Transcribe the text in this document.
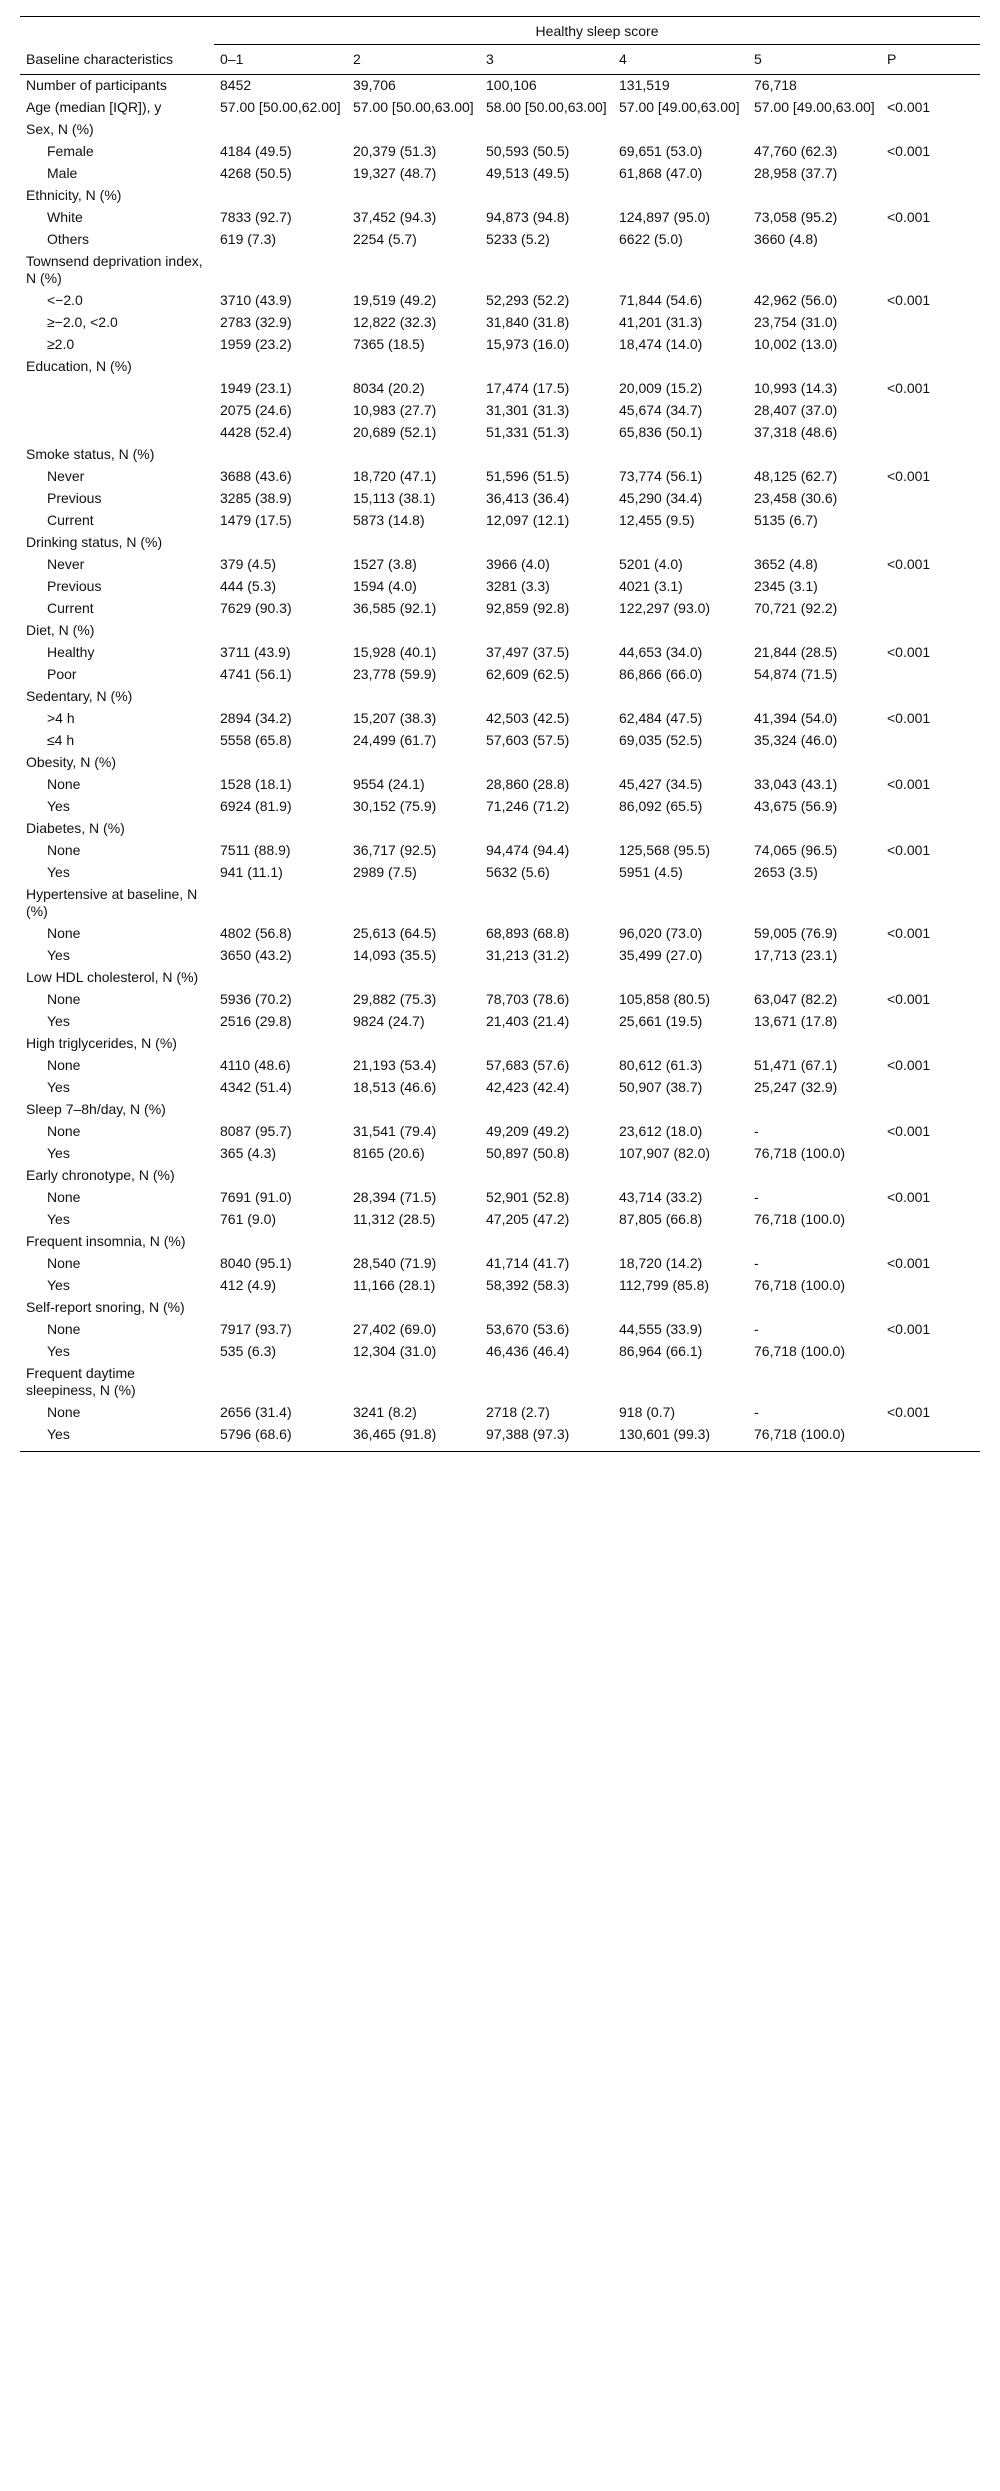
	Healthy sleep score					
Baseline characteristics	0–1	2	3	4	5	P
Number of participants	8452	39,706	100,106	131,519	76,718	
Age (median [IQR]), y	57.00 [50.00,62.00]	57.00 [50.00,63.00]	58.00 [50.00,63.00]	57.00 [49.00,63.00]	57.00 [49.00,63.00]	<0.001
Sex, N (%)						
Female	4184 (49.5)	20,379 (51.3)	50,593 (50.5)	69,651 (53.0)	47,760 (62.3)	<0.001
Male	4268 (50.5)	19,327 (48.7)	49,513 (49.5)	61,868 (47.0)	28,958 (37.7)	
Ethnicity, N (%)						
White	7833 (92.7)	37,452 (94.3)	94,873 (94.8)	124,897 (95.0)	73,058 (95.2)	<0.001
Others	619 (7.3)	2254 (5.7)	5233 (5.2)	6622 (5.0)	3660 (4.8)	
Townsend deprivation index, N (%)						
<−2.0	3710 (43.9)	19,519 (49.2)	52,293 (52.2)	71,844 (54.6)	42,962 (56.0)	<0.001
≥−2.0, <2.0	2783 (32.9)	12,822 (32.3)	31,840 (31.8)	41,201 (31.3)	23,754 (31.0)	
≥2.0	1959 (23.2)	7365 (18.5)	15,973 (16.0)	18,474 (14.0)	10,002 (13.0)	
Education, N (%)						
	1949 (23.1)	8034 (20.2)	17,474 (17.5)	20,009 (15.2)	10,993 (14.3)	<0.001
	2075 (24.6)	10,983 (27.7)	31,301 (31.3)	45,674 (34.7)	28,407 (37.0)	
	4428 (52.4)	20,689 (52.1)	51,331 (51.3)	65,836 (50.1)	37,318 (48.6)	
Smoke status, N (%)						
Never	3688 (43.6)	18,720 (47.1)	51,596 (51.5)	73,774 (56.1)	48,125 (62.7)	<0.001
Previous	3285 (38.9)	15,113 (38.1)	36,413 (36.4)	45,290 (34.4)	23,458 (30.6)	
Current	1479 (17.5)	5873 (14.8)	12,097 (12.1)	12,455 (9.5)	5135 (6.7)	
Drinking status, N (%)						
Never	379 (4.5)	1527 (3.8)	3966 (4.0)	5201 (4.0)	3652 (4.8)	<0.001
Previous	444 (5.3)	1594 (4.0)	3281 (3.3)	4021 (3.1)	2345 (3.1)	
Current	7629 (90.3)	36,585 (92.1)	92,859 (92.8)	122,297 (93.0)	70,721 (92.2)	
Diet, N (%)						
Healthy	3711 (43.9)	15,928 (40.1)	37,497 (37.5)	44,653 (34.0)	21,844 (28.5)	<0.001
Poor	4741 (56.1)	23,778 (59.9)	62,609 (62.5)	86,866 (66.0)	54,874 (71.5)	
Sedentary, N (%)						
>4 h	2894 (34.2)	15,207 (38.3)	42,503 (42.5)	62,484 (47.5)	41,394 (54.0)	<0.001
≤4 h	5558 (65.8)	24,499 (61.7)	57,603 (57.5)	69,035 (52.5)	35,324 (46.0)	
Obesity, N (%)						
None	1528 (18.1)	9554 (24.1)	28,860 (28.8)	45,427 (34.5)	33,043 (43.1)	<0.001
Yes	6924 (81.9)	30,152 (75.9)	71,246 (71.2)	86,092 (65.5)	43,675 (56.9)	
Diabetes, N (%)						
None	7511 (88.9)	36,717 (92.5)	94,474 (94.4)	125,568 (95.5)	74,065 (96.5)	<0.001
Yes	941 (11.1)	2989 (7.5)	5632 (5.6)	5951 (4.5)	2653 (3.5)	
Hypertensive at baseline, N (%)						
None	4802 (56.8)	25,613 (64.5)	68,893 (68.8)	96,020 (73.0)	59,005 (76.9)	<0.001
Yes	3650 (43.2)	14,093 (35.5)	31,213 (31.2)	35,499 (27.0)	17,713 (23.1)	
Low HDL cholesterol, N (%)						
None	5936 (70.2)	29,882 (75.3)	78,703 (78.6)	105,858 (80.5)	63,047 (82.2)	<0.001
Yes	2516 (29.8)	9824 (24.7)	21,403 (21.4)	25,661 (19.5)	13,671 (17.8)	
High triglycerides, N (%)						
None	4110 (48.6)	21,193 (53.4)	57,683 (57.6)	80,612 (61.3)	51,471 (67.1)	<0.001
Yes	4342 (51.4)	18,513 (46.6)	42,423 (42.4)	50,907 (38.7)	25,247 (32.9)	
Sleep 7–8h/day, N (%)						
None	8087 (95.7)	31,541 (79.4)	49,209 (49.2)	23,612 (18.0)	-	<0.001
Yes	365 (4.3)	8165 (20.6)	50,897 (50.8)	107,907 (82.0)	76,718 (100.0)	
Early chronotype, N (%)						
None	7691 (91.0)	28,394 (71.5)	52,901 (52.8)	43,714 (33.2)	-	<0.001
Yes	761 (9.0)	11,312 (28.5)	47,205 (47.2)	87,805 (66.8)	76,718 (100.0)	
Frequent insomnia, N (%)						
None	8040 (95.1)	28,540 (71.9)	41,714 (41.7)	18,720 (14.2)	-	<0.001
Yes	412 (4.9)	11,166 (28.1)	58,392 (58.3)	112,799 (85.8)	76,718 (100.0)	
Self-report snoring, N (%)						
None	7917 (93.7)	27,402 (69.0)	53,670 (53.6)	44,555 (33.9)	-	<0.001
Yes	535 (6.3)	12,304 (31.0)	46,436 (46.4)	86,964 (66.1)	76,718 (100.0)	
Frequent daytime sleepiness, N (%)						
None	2656 (31.4)	3241 (8.2)	2718 (2.7)	918 (0.7)	-	<0.001
Yes	5796 (68.6)	36,465 (91.8)	97,388 (97.3)	130,601 (99.3)	76,718 (100.0)	
